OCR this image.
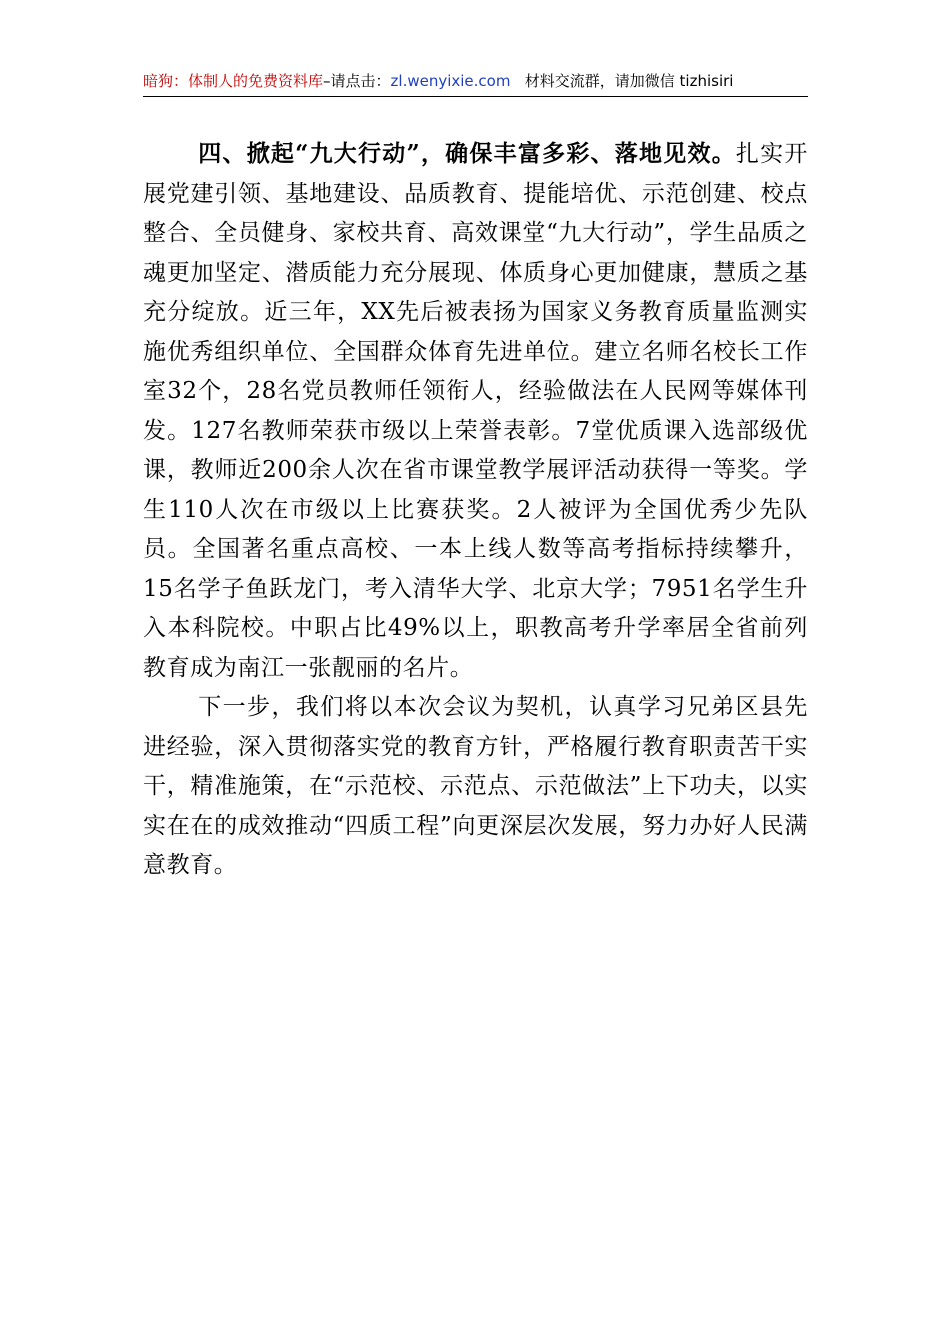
暗狗：体制人的免费资料库–请点击：zl.wenyixie.com 材料交流群，请加微信 tizhisiri

四、掀起“九大行动”，确保丰富多彩、落地见效。扎实开展党建引领、基地建设、品质教育、提能培优、示范创建、校点整合、全员健身、家校共育、高效课堂“九大行动”，学生品质之魂更加坚定、潜质能力充分展现、体质身心更加健康，慧质之基充分绽放。近三年，XX先后被表扬为国家义务教育质量监测实施优秀组织单位、全国群众体育先进单位。建立名师名校长工作室32个，28名党员教师任领衔人，经验做法在人民网等媒体刊发。127名教师荣获市级以上荣誉表彰。7堂优质课入选部级优课，教师近200余人次在省市课堂教学展评活动获得一等奖。学生110人次在市级以上比赛获奖。2人被评为全国优秀少先队员。全国著名重点高校、一本上线人数等高考指标持续攀升，15名学子鱼跃龙门，考入清华大学、北京大学；7951名学生升入本科院校。中职占比49%以上，职教高考升学率居全省前列教育成为南江一张靓丽的名片。

下一步，我们将以本次会议为契机，认真学习兄弟区县先进经验，深入贯彻落实党的教育方针，严格履行教育职责苦干实干，精准施策，在“示范校、示范点、示范做法”上下功夫，以实实在在的成效推动“四质工程”向更深层次发展，努力办好人民满意教育。
